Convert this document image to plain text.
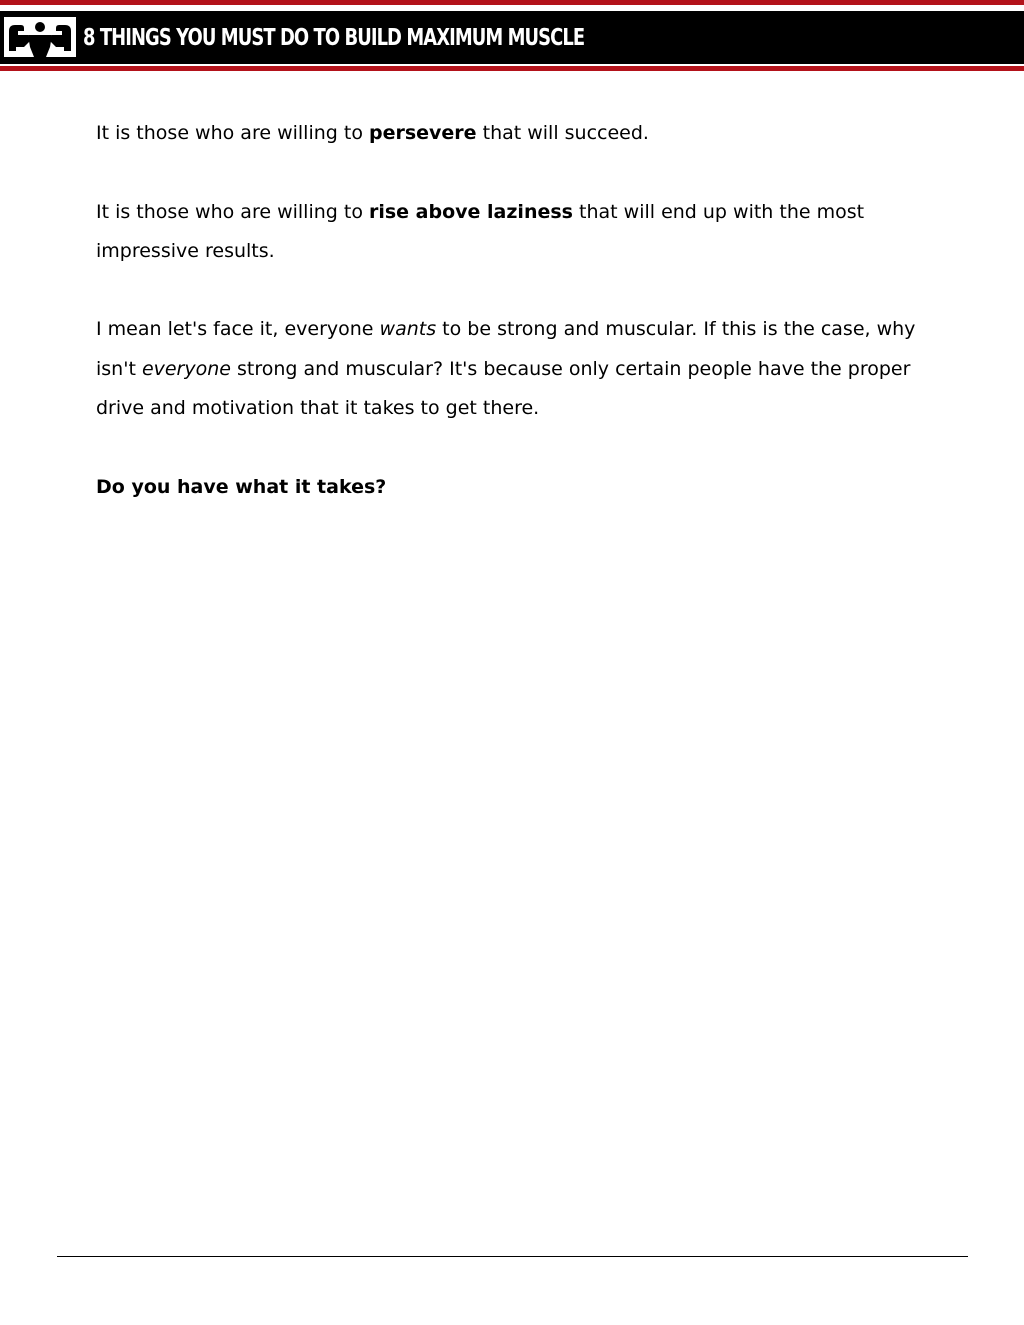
8 THINGS YOU MUST DO TO BUILD MAXIMUM MUSCLE

It is those who are willing to persevere that will succeed.

It is those who are willing to rise above laziness that will end up with the most impressive results.

I mean let's face it, everyone wants to be strong and muscular. If this is the case, why isn't everyone strong and muscular? It's because only certain people have the proper drive and motivation that it takes to get there.

Do you have what it takes?
